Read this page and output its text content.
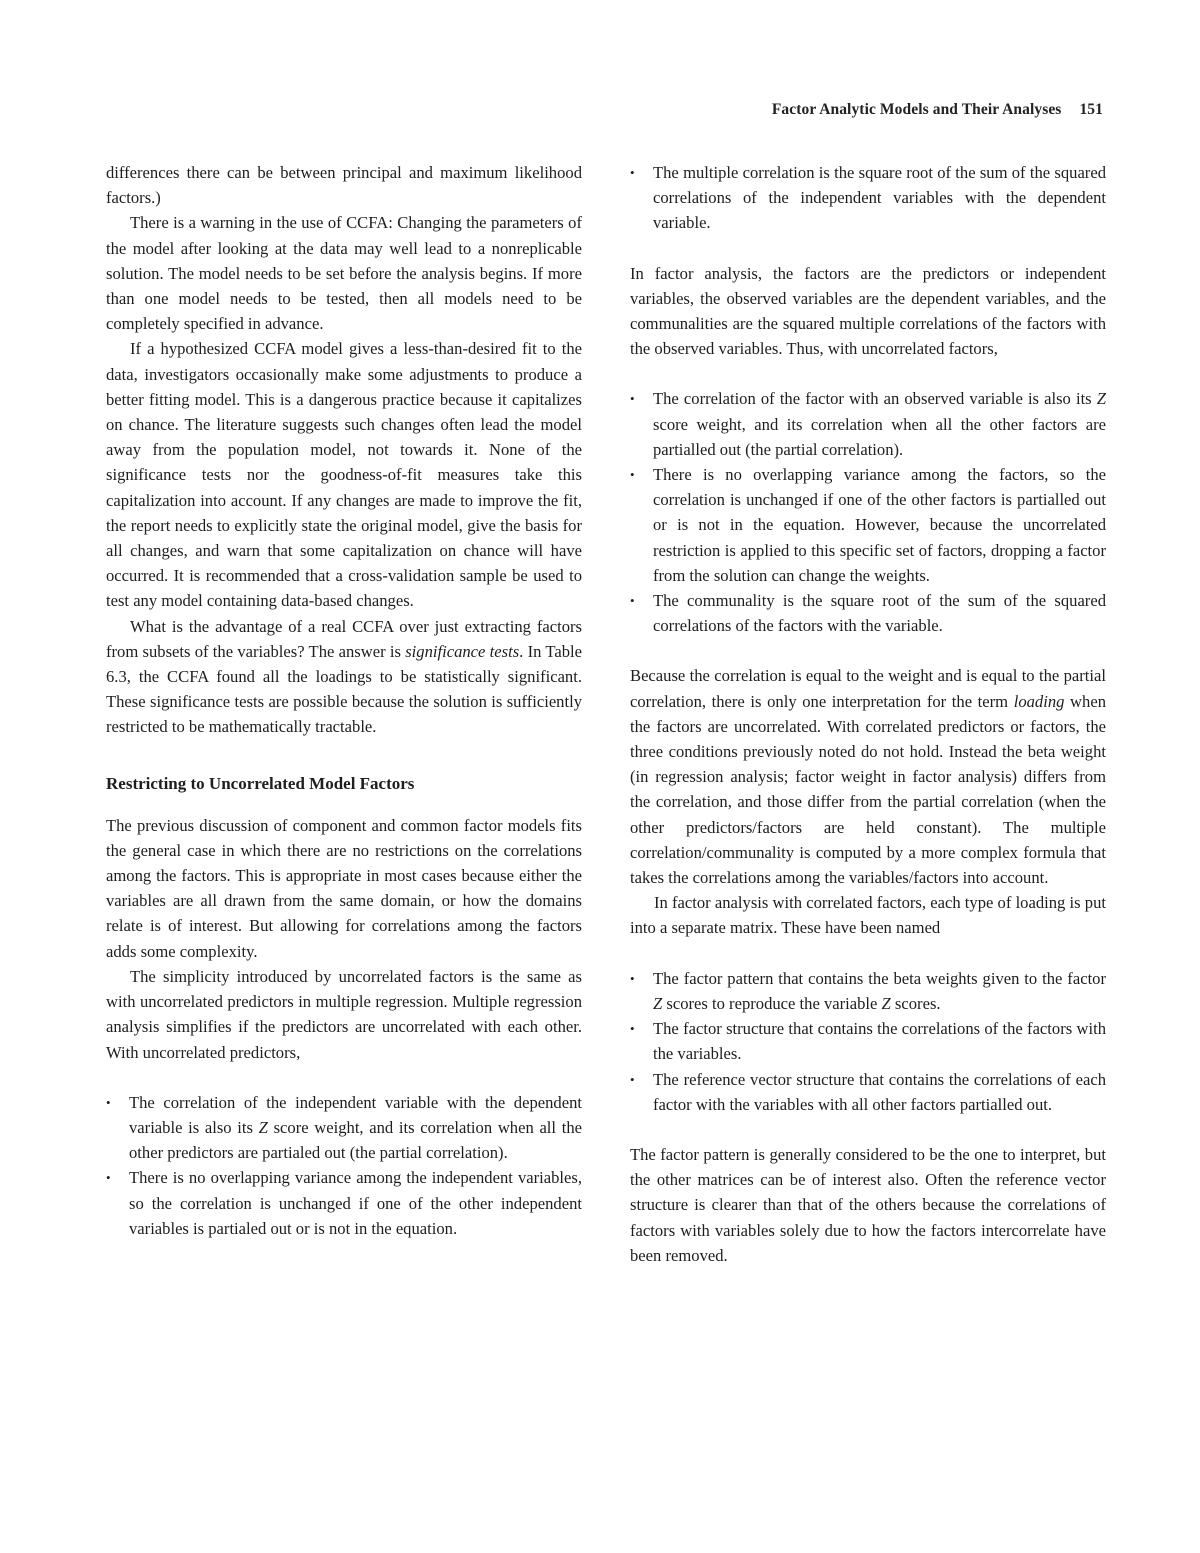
Factor Analytic Models and Their Analyses 151

differences there can be between principal and maximum likelihood factors.)

There is a warning in the use of CCFA: Changing the parameters of the model after looking at the data may well lead to a nonreplicable solution. The model needs to be set before the analysis begins. If more than one model needs to be tested, then all models need to be completely specified in advance.

If a hypothesized CCFA model gives a less-than-desired fit to the data, investigators occasionally make some adjustments to produce a better fitting model. This is a dangerous practice because it capitalizes on chance. The literature suggests such changes often lead the model away from the population model, not towards it. None of the significance tests nor the goodness-of-fit measures take this capitalization into account. If any changes are made to improve the fit, the report needs to explicitly state the original model, give the basis for all changes, and warn that some capitalization on chance will have occurred. It is recommended that a cross-validation sample be used to test any model containing data-based changes.

What is the advantage of a real CCFA over just extracting factors from subsets of the variables? The answer is significance tests. In Table 6.3, the CCFA found all the loadings to be statistically significant. These significance tests are possible because the solution is sufficiently restricted to be mathematically tractable.

Restricting to Uncorrelated Model Factors

The previous discussion of component and common factor models fits the general case in which there are no restrictions on the correlations among the factors. This is appropriate in most cases because either the variables are all drawn from the same domain, or how the domains relate is of interest. But allowing for correlations among the factors adds some complexity.

The simplicity introduced by uncorrelated factors is the same as with uncorrelated predictors in multiple regression. Multiple regression analysis simplifies if the predictors are uncorrelated with each other. With uncorrelated predictors,

• The correlation of the independent variable with the dependent variable is also its Z score weight, and its correlation when all the other predictors are partialed out (the partial correlation).
• There is no overlapping variance among the independent variables, so the correlation is unchanged if one of the other independent variables is partialed out or is not in the equation.
• The multiple correlation is the square root of the sum of the squared correlations of the independent variables with the dependent variable.

In factor analysis, the factors are the predictors or independent variables, the observed variables are the dependent variables, and the communalities are the squared multiple correlations of the factors with the observed variables. Thus, with uncorrelated factors,

• The correlation of the factor with an observed variable is also its Z score weight, and its correlation when all the other factors are partialled out (the partial correlation).
• There is no overlapping variance among the factors, so the correlation is unchanged if one of the other factors is partialled out or is not in the equation. However, because the uncorrelated restriction is applied to this specific set of factors, dropping a factor from the solution can change the weights.
• The communality is the square root of the sum of the squared correlations of the factors with the variable.

Because the correlation is equal to the weight and is equal to the partial correlation, there is only one interpretation for the term loading when the factors are uncorrelated. With correlated predictors or factors, the three conditions previously noted do not hold. Instead the beta weight (in regression analysis; factor weight in factor analysis) differs from the correlation, and those differ from the partial correlation (when the other predictors/factors are held constant). The multiple correlation/communality is computed by a more complex formula that takes the correlations among the variables/factors into account.

In factor analysis with correlated factors, each type of loading is put into a separate matrix. These have been named

• The factor pattern that contains the beta weights given to the factor Z scores to reproduce the variable Z scores.
• The factor structure that contains the correlations of the factors with the variables.
• The reference vector structure that contains the correlations of each factor with the variables with all other factors partialled out.

The factor pattern is generally considered to be the one to interpret, but the other matrices can be of interest also. Often the reference vector structure is clearer than that of the others because the correlations of factors with variables solely due to how the factors intercorrelate have been removed.
